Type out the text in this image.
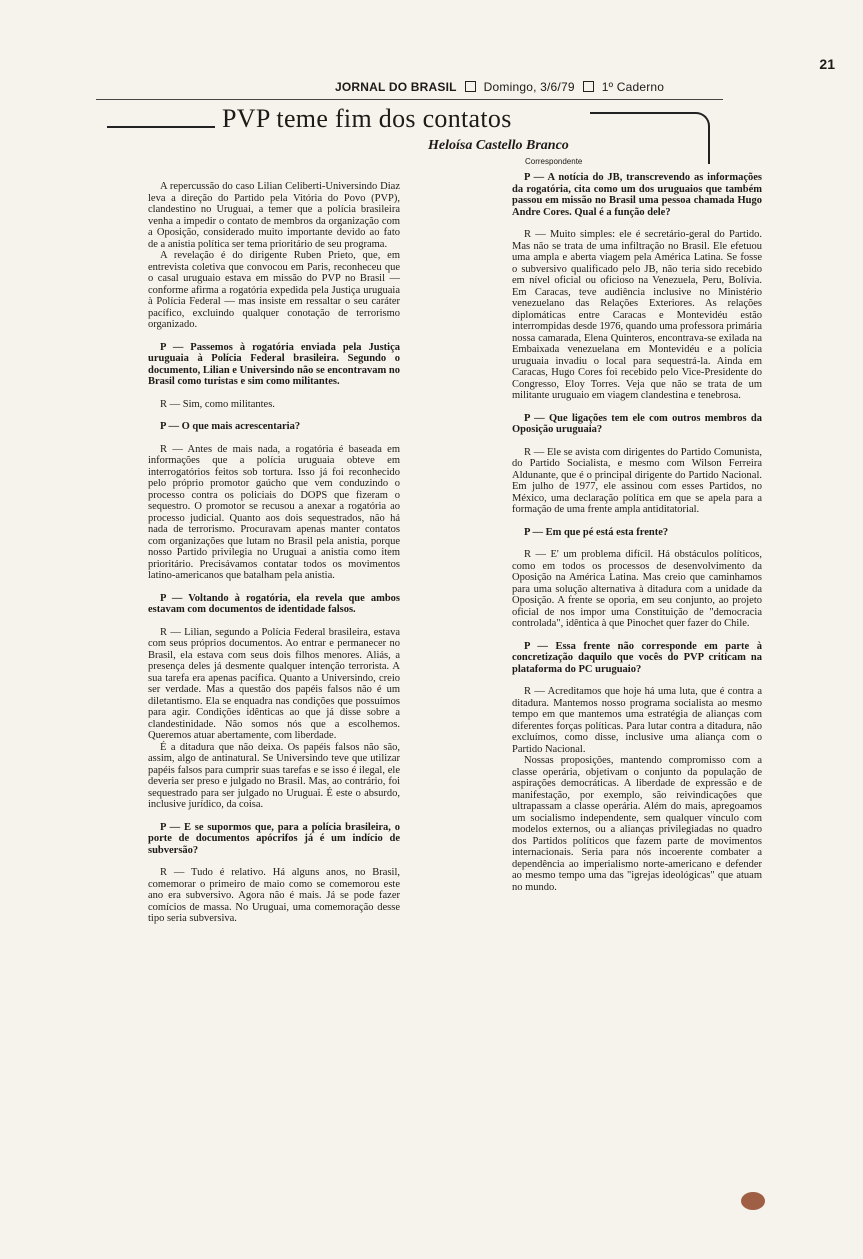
21
JORNAL DO BRASIL Domingo, 3/6/79 1º Caderno
PVP teme fim dos contatos
Heloísa Castello Branco
Correspondente

A repercussão do caso Lilian Celiberti-Universindo Diaz leva a direção do Partido pela Vitória do Povo (PVP), clandestino no Uruguai, a temer que a polícia brasileira venha a impedir o contato de membros da organização com a Oposição, considerado muito importante devido ao fato de a anistia política ser tema prioritário de seu programa.

A revelação é do dirigente Ruben Prieto, que, em entrevista coletiva que convocou em Paris, reconheceu que o casal uruguaio estava em missão do PVP no Brasil — conforme afirma a rogatória expedida pela Justiça uruguaia à Polícia Federal — mas insiste em ressaltar o seu caráter pacífico, excluindo qualquer conotação de terrorismo organizado.

P — Passemos à rogatória enviada pela Justiça uruguaia à Polícia Federal brasileira. Segundo o documento, Lilian e Universindo não se encontravam no Brasil como turistas e sim como militantes.

R — Sim, como militantes.

P — O que mais acrescentaria?

R — Antes de mais nada, a rogatória é baseada em informações que a polícia uruguaia obteve em interrogatórios feitos sob tortura. Isso já foi reconhecido pelo próprio promotor gaúcho que vem conduzindo o processo contra os policiais do DOPS que fizeram o sequestro. O promotor se recusou a anexar a rogatória ao processo judicial. Quanto aos dois sequestrados, não há nada de terrorismo. Procuravam apenas manter contatos com organizações que lutam no Brasil pela anistia, porque nosso Partido privilegia no Uruguai a anistia como item prioritário. Precisávamos contatar todos os movimentos latino-americanos que batalham pela anistia.

P — Voltando à rogatória, ela revela que ambos estavam com documentos de identidade falsos.

R — Lilian, segundo a Polícia Federal brasileira, estava com seus próprios documentos. Ao entrar e permanecer no Brasil, ela estava com seus dois filhos menores. Aliás, a presença deles já desmente qualquer intenção terrorista. A sua tarefa era apenas pacífica. Quanto a Universindo, creio ser verdade. Mas a questão dos papéis falsos não é um diletantismo. Ela se enquadra nas condições que possuímos para agir. Condições idênticas ao que já disse sobre a clandestinidade. Não somos nós que a escolhemos. Queremos atuar abertamente, com liberdade.

É a ditadura que não deixa. Os papéis falsos não são, assim, algo de antinatural. Se Universindo teve que utilizar papéis falsos para cumprir suas tarefas e se isso é ilegal, ele deveria ser preso e julgado no Brasil. Mas, ao contrário, foi sequestrado para ser julgado no Uruguai. É este o absurdo, inclusive jurídico, da coisa.

P — E se supormos que, para a polícia brasileira, o porte de documentos apócrifos já é um indício de subversão?

R — Tudo é relativo. Há alguns anos, no Brasil, comemorar o primeiro de maio como se comemorou este ano era subversivo. Agora não é mais. Já se pode fazer comícios de massa. No Uruguai, uma comemoração desse tipo seria subversiva.

P — A notícia do JB, transcrevendo as informações da rogatória, cita como um dos uruguaios que também passou em missão no Brasil uma pessoa chamada Hugo Andre Cores. Qual é a função dele?

R — Muito simples: ele é secretário-geral do Partido. Mas não se trata de uma infiltração no Brasil. Ele efetuou uma ampla e aberta viagem pela América Latina. Se fosse o subversivo qualificado pelo JB, não teria sido recebido em nível oficial ou oficioso na Venezuela, Peru, Bolívia. Em Caracas, teve audiência inclusive no Ministério venezuelano das Relações Exteriores. As relações diplomáticas entre Caracas e Montevidéu estão interrompidas desde 1976, quando uma professora primária nossa camarada, Elena Quinteros, encontrava-se exilada na Embaixada venezuelana em Montevidéu e a polícia uruguaia invadiu o local para sequestrá-la. Ainda em Caracas, Hugo Cores foi recebido pelo Vice-Presidente do Congresso, Eloy Torres. Veja que não se trata de um militante uruguaio em viagem clandestina e tenebrosa.

P — Que ligações tem ele com outros membros da Oposição uruguaia?

R — Ele se avista com dirigentes do Partido Comunista, do Partido Socialista, e mesmo com Wilson Ferreira Aldunante, que é o principal dirigente do Partido Nacional. Em julho de 1977, ele assinou com esses Partidos, no México, uma declaração política em que se apela para a formação de uma frente ampla antiditatorial.

P — Em que pé está esta frente?

R — E' um problema difícil. Há obstáculos políticos, como em todos os processos de desenvolvimento da Oposição na América Latina. Mas creio que caminhamos para uma solução alternativa à ditadura com a unidade da Oposição. A frente se oporia, em seu conjunto, ao projeto oficial de nos impor uma Constituição de "democracia controlada", idêntica à que Pinochet quer fazer do Chile.

P — Essa frente não corresponde em parte à concretização daquilo que vocês do PVP criticam na plataforma do PC uruguaio?

R — Acreditamos que hoje há uma luta, que é contra a ditadura. Mantemos nosso programa socialista ao mesmo tempo em que mantemos uma estratégia de alianças com diferentes forças políticas. Para lutar contra a ditadura, não excluímos, como disse, inclusive uma aliança com o Partido Nacional.

Nossas proposições, mantendo compromisso com a classe operária, objetivam o conjunto da população de aspirações democráticas. A liberdade de expressão e de manifestação, por exemplo, são reivindicações que ultrapassam a classe operária. Além do mais, apregoamos um socialismo independente, sem qualquer vínculo com modelos externos, ou a alianças privilegiadas no quadro dos Partidos políticos que fazem parte de movimentos internacionais. Seria para nós incoerente combater a dependência ao imperialismo norte-americano e defender ao mesmo tempo uma das "igrejas ideológicas" que atuam no mundo.
